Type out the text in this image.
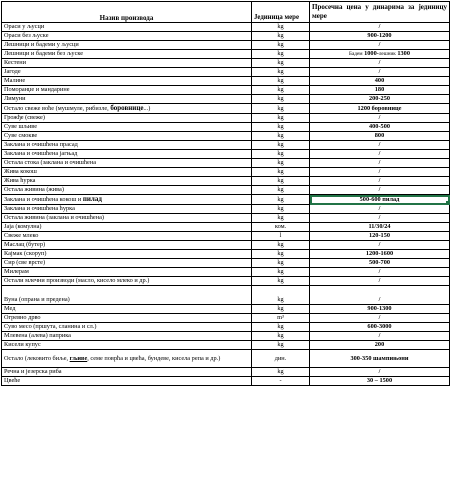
Назив производа	Јединица мере	Просечна цена у динарима за јединицу мере
Ораси у љусци	kg	/
Ораси без љуске	kg	900-1200
Лешници и бадеми у љусци	kg	/
Лешници и бадеми без љуске	kg	Бадем 1000-лешник 1300
Кестени	kg	/
Јагоде	kg	/
Малине	kg	400
Поморанџе и мандарине	kg	180
Лимуни	kg	200-250
Остало свеже воће (мушмуле, рибизле, боровнице...)	kg	1200 боровнице
Грожђе (свеже)	kg	/
Суве шљиве	kg	400-500
Суве смокве	kg	800
Заклана и очишћена прасад	kg	/
Заклана и очишћена јагњад	kg	/
Остала стока (заклана и очишћена	kg	/
Жива кокош	kg	/
Жива ћурка	kg	/
Остала живина (жива)	kg	/
Заклана и очишћена кокош и пилад	kg	500-600 пилад

Заклана и очишћена ћурка	kg	/
Остала живина (заклана и очишћена)	kg	/
Јаја (комулна)	ком.	11/30/24
Свеже млеко	l	120-150
Маслац (бутер)	kg	/
Кајмак (скоруп)	kg	1200-1600
Сир (све врсте)	kg	500-700
Милерам	kg	/
Остали млечни производи (масло, кисело млеко и др.)	kg	/
Вуна (опрана и предена)	kg	/
Мед	kg	900-1300
Огревно дрво	m³	/
Суво месо (пршута, сланина и сл.)	kg	600-3000
Млевена (алева) паприка	kg	/
Кисели купус	kg	200
Остало (лековито биље, гљиве, семе поврћа и цвећа, бундеве, кисела репа и др.)	дин.	300-350 шампињони
Речна и језерска риба	kg	/
Цвеће	-	30 – 1500
